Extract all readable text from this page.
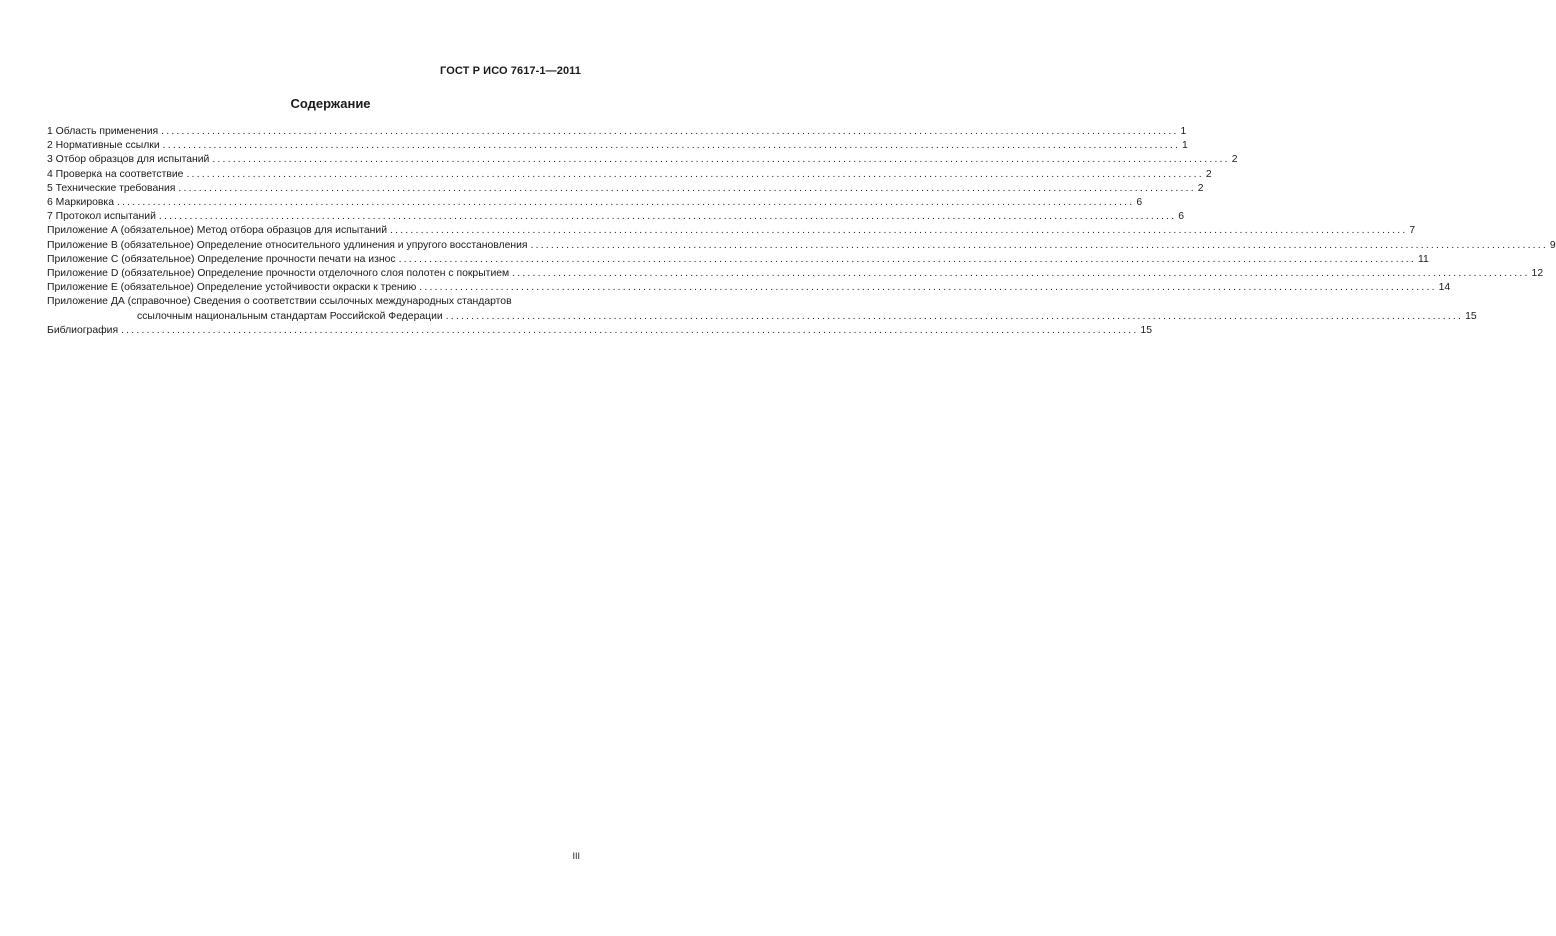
ГОСТ Р ИСО 7617-1—2011
Содержание
1 Область применения ........................................................................................................................................................................................................ 1
2 Нормативные ссылки ........................................................................................................................................................................................................ 1
3 Отбор образцов для испытаний ........................................................................................................................................................................................................ 2
4 Проверка на соответствие ........................................................................................................................................................................................................ 2
5 Технические требования ........................................................................................................................................................................................................ 2
6 Маркировка ........................................................................................................................................................................................................ 6
7 Протокол испытаний ........................................................................................................................................................................................................ 6
Приложение А (обязательное) Метод отбора образцов для испытаний ........................................................................................................................................................................................................ 7
Приложение В (обязательное) Определение относительного удлинения и упругого восстановления ........................................................................................................................................................................................................ 9
Приложение С (обязательное) Определение прочности печати на износ ........................................................................................................................................................................................................ 11
Приложение D (обязательное) Определение прочности отделочного слоя полотен с покрытием ........................................................................................................................................................................................................ 12
Приложение Е (обязательное) Определение устойчивости окраски к трению ........................................................................................................................................................................................................ 14
Приложение ДА (справочное) Сведения о соответствии ссылочных международных стандартов
ссылочным национальным стандартам Российской Федерации ........................................................................................................................................................................................................ 15
Библиография ........................................................................................................................................................................................................ 15
III
